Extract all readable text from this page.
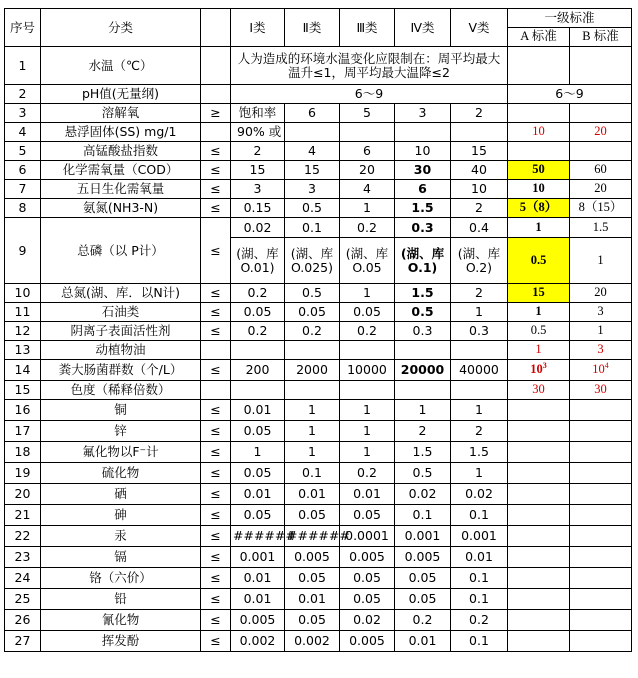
序号	分类		Ⅰ类	Ⅱ类	Ⅲ类	Ⅳ类	Ⅴ类	一级标准	
								A 标准	B 标准
1	水温（℃）		人为造成的环境水温变化应限制在：周平均最大温升≤1，周平均最大温降≤2						
2	pH值(无量纲)		6～9					6～9	
3	溶解氧	≥	饱和率	6	5	3	2		
4	悬浮固体(SS) mg/1		90% 或					10	20
5	高锰酸盐指数	≤	2	4	6	10	15		
6	化学需氧量（COD）	≤	15	15	20	30	40	50	60
7	五日生化需氧量	≤	3	3	4	6	10	10	20
8	氨氮(NH3-N)	≤	0.15	0.5	1	1.5	2	5（8）	8（15）
9	总磷（以 P计）	≤	0.02	0.1	0.2	0.3	0.4	1	1.5
			(湖、库O.01)	(湖、库O.025)	(湖、库O.05	(湖、库O.1)	(湖、库O.2)	0.5	1
10	总氮(湖、库．以N计)	≤	0.2	0.5	1	1.5	2	15	20
11	石油类	≤	0.05	0.05	0.05	0.5	1	1	3
12	阴离子表面活性剂	≤	0.2	0.2	0.2	0.3	0.3	0.5	1
13	动植物油							1	3
14	粪大肠菌群数（个/L）	≤	200	2000	10000	20000	40000	$10^3$	$10^4$
15	色度（稀释倍数）							30	30
16	铜	≤	0.01	1	1	1	1		
17	锌	≤	0.05	1	1	2	2		
18	氟化物以F⁻计	≤	1	1	1	1.5	1.5		
19	硫化物	≤	0.05	0.1	0.2	0.5	1		
20	硒	≤	0.01	0.01	0.01	0.02	0.02		
21	砷	≤	0.05	0.05	0.05	0.1	0.1		
22	汞	≤	######	######	0.0001	0.001	0.001		
23	镉	≤	0.001	0.005	0.005	0.005	0.01		
24	铬（六价）	≤	0.01	0.05	0.05	0.05	0.1		
25	铅	≤	0.01	0.01	0.05	0.05	0.1		
26	氰化物	≤	0.005	0.05	0.02	0.2	0.2		
27	挥发酚	≤	0.002	0.002	0.005	0.01	0.1		
